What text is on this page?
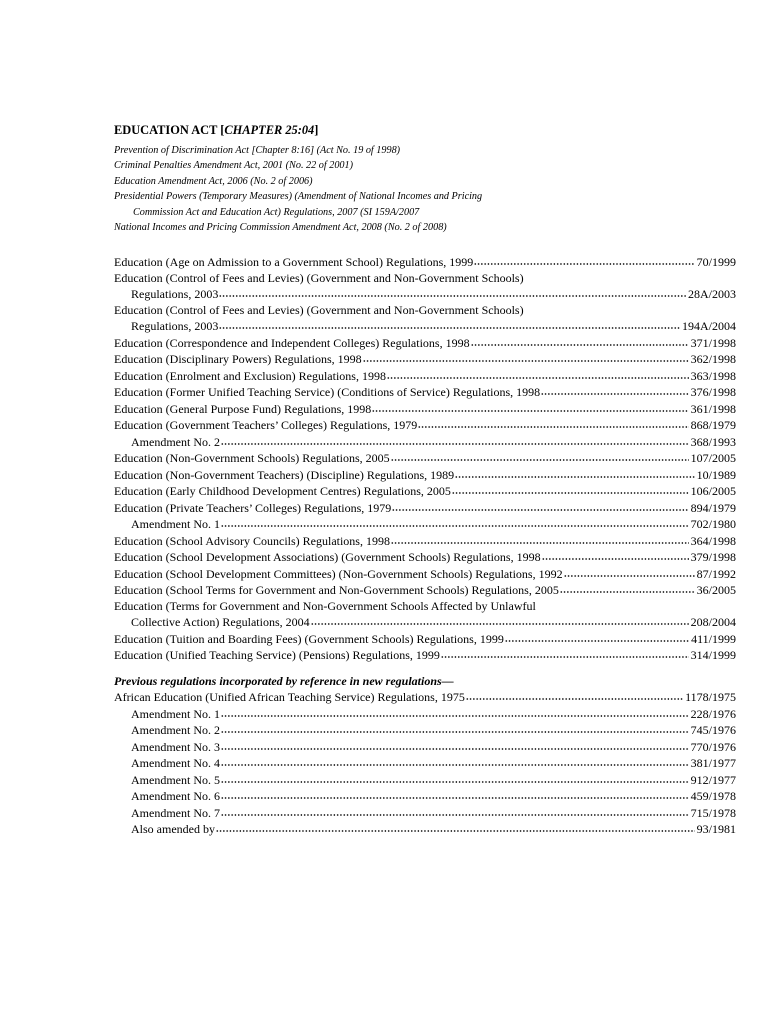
EDUCATION ACT [CHAPTER 25:04]
Prevention of Discrimination Act [Chapter 8:16] (Act No. 19 of 1998)
Criminal Penalties Amendment Act, 2001 (No. 22 of 2001)
Education Amendment Act, 2006 (No. 2 of 2006)
Presidential Powers (Temporary Measures) (Amendment of National Incomes and Pricing
Commission Act and Education Act) Regulations, 2007 (SI 159A/2007
National Incomes and Pricing Commission Amendment Act, 2008 (No. 2 of 2008)
Education (Age on Admission to a Government School) Regulations, 1999	70/1999
Education (Control of Fees and Levies) (Government and Non-Government Schools)
Regulations, 2003	28A/2003
Education (Control of Fees and Levies) (Government and Non-Government Schools)
Regulations, 2003	194A/2004
Education (Correspondence and Independent Colleges) Regulations, 1998	371/1998
Education (Disciplinary Powers) Regulations, 1998	362/1998
Education (Enrolment and Exclusion) Regulations, 1998	363/1998
Education (Former Unified Teaching Service) (Conditions of Service) Regulations, 1998	376/1998
Education (General Purpose Fund) Regulations, 1998	361/1998
Education (Government Teachers’ Colleges) Regulations, 1979	868/1979
Amendment No. 2	368/1993
Education (Non-Government Schools) Regulations, 2005	107/2005
Education (Non-Government Teachers) (Discipline) Regulations, 1989	10/1989
Education (Early Childhood Development Centres) Regulations, 2005	106/2005
Education (Private Teachers’ Colleges) Regulations, 1979	894/1979
Amendment No. 1	702/1980
Education (School Advisory Councils) Regulations, 1998	364/1998
Education (School Development Associations) (Government Schools) Regulations, 1998	379/1998
Education (School Development Committees) (Non-Government Schools) Regulations, 1992	87/1992
Education (School Terms for Government and Non-Government Schools) Regulations, 2005	36/2005
Education (Terms for Government and Non-Government Schools Affected by Unlawful
Collective Action) Regulations, 2004	208/2004
Education (Tuition and Boarding Fees) (Government Schools) Regulations, 1999	411/1999
Education (Unified Teaching Service) (Pensions) Regulations, 1999	314/1999
Previous regulations incorporated by reference in new regulations—
African Education (Unified African Teaching Service) Regulations, 1975	1178/1975
Amendment No. 1	228/1976
Amendment No. 2	745/1976
Amendment No. 3	770/1976
Amendment No. 4	381/1977
Amendment No. 5	912/1977
Amendment No. 6	459/1978
Amendment No. 7	715/1978
Also amended by	93/1981
